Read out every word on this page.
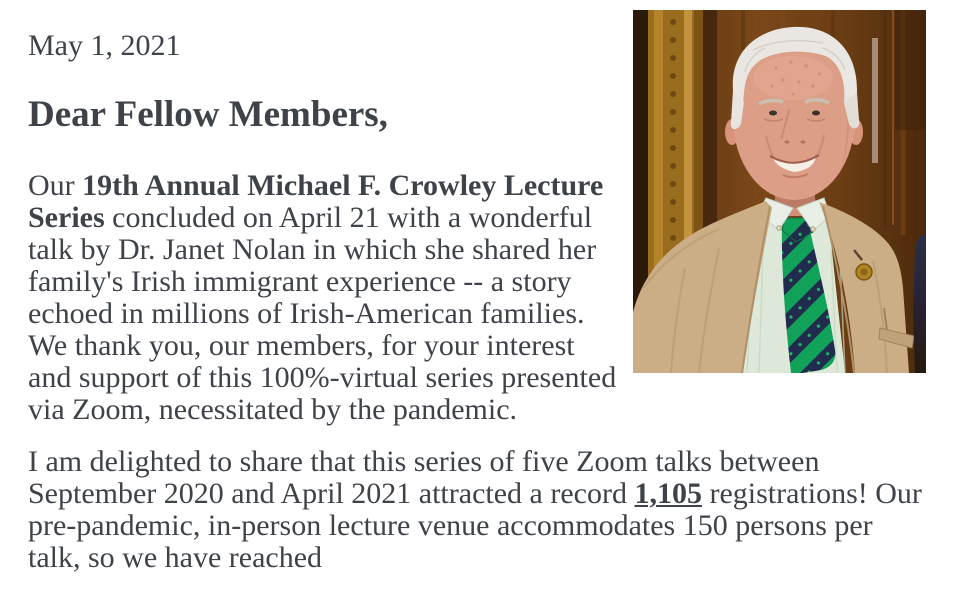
May 1, 2021

Dear Fellow Members,

Our 19th Annual Michael F. Crowley Lecture Series concluded on April 21 with a wonderful talk by Dr. Janet Nolan in which she shared her family's Irish immigrant experience -- a story echoed in millions of Irish-American families. We thank you, our members, for your interest and support of this 100%-virtual series presented via Zoom, necessitated by the pandemic.

I am delighted to share that this series of five Zoom talks between September 2020 and April 2021 attracted a record 1,105 registrations! Our pre-pandemic, in-person lecture venue accommodates 150 persons per talk, so we have reached
